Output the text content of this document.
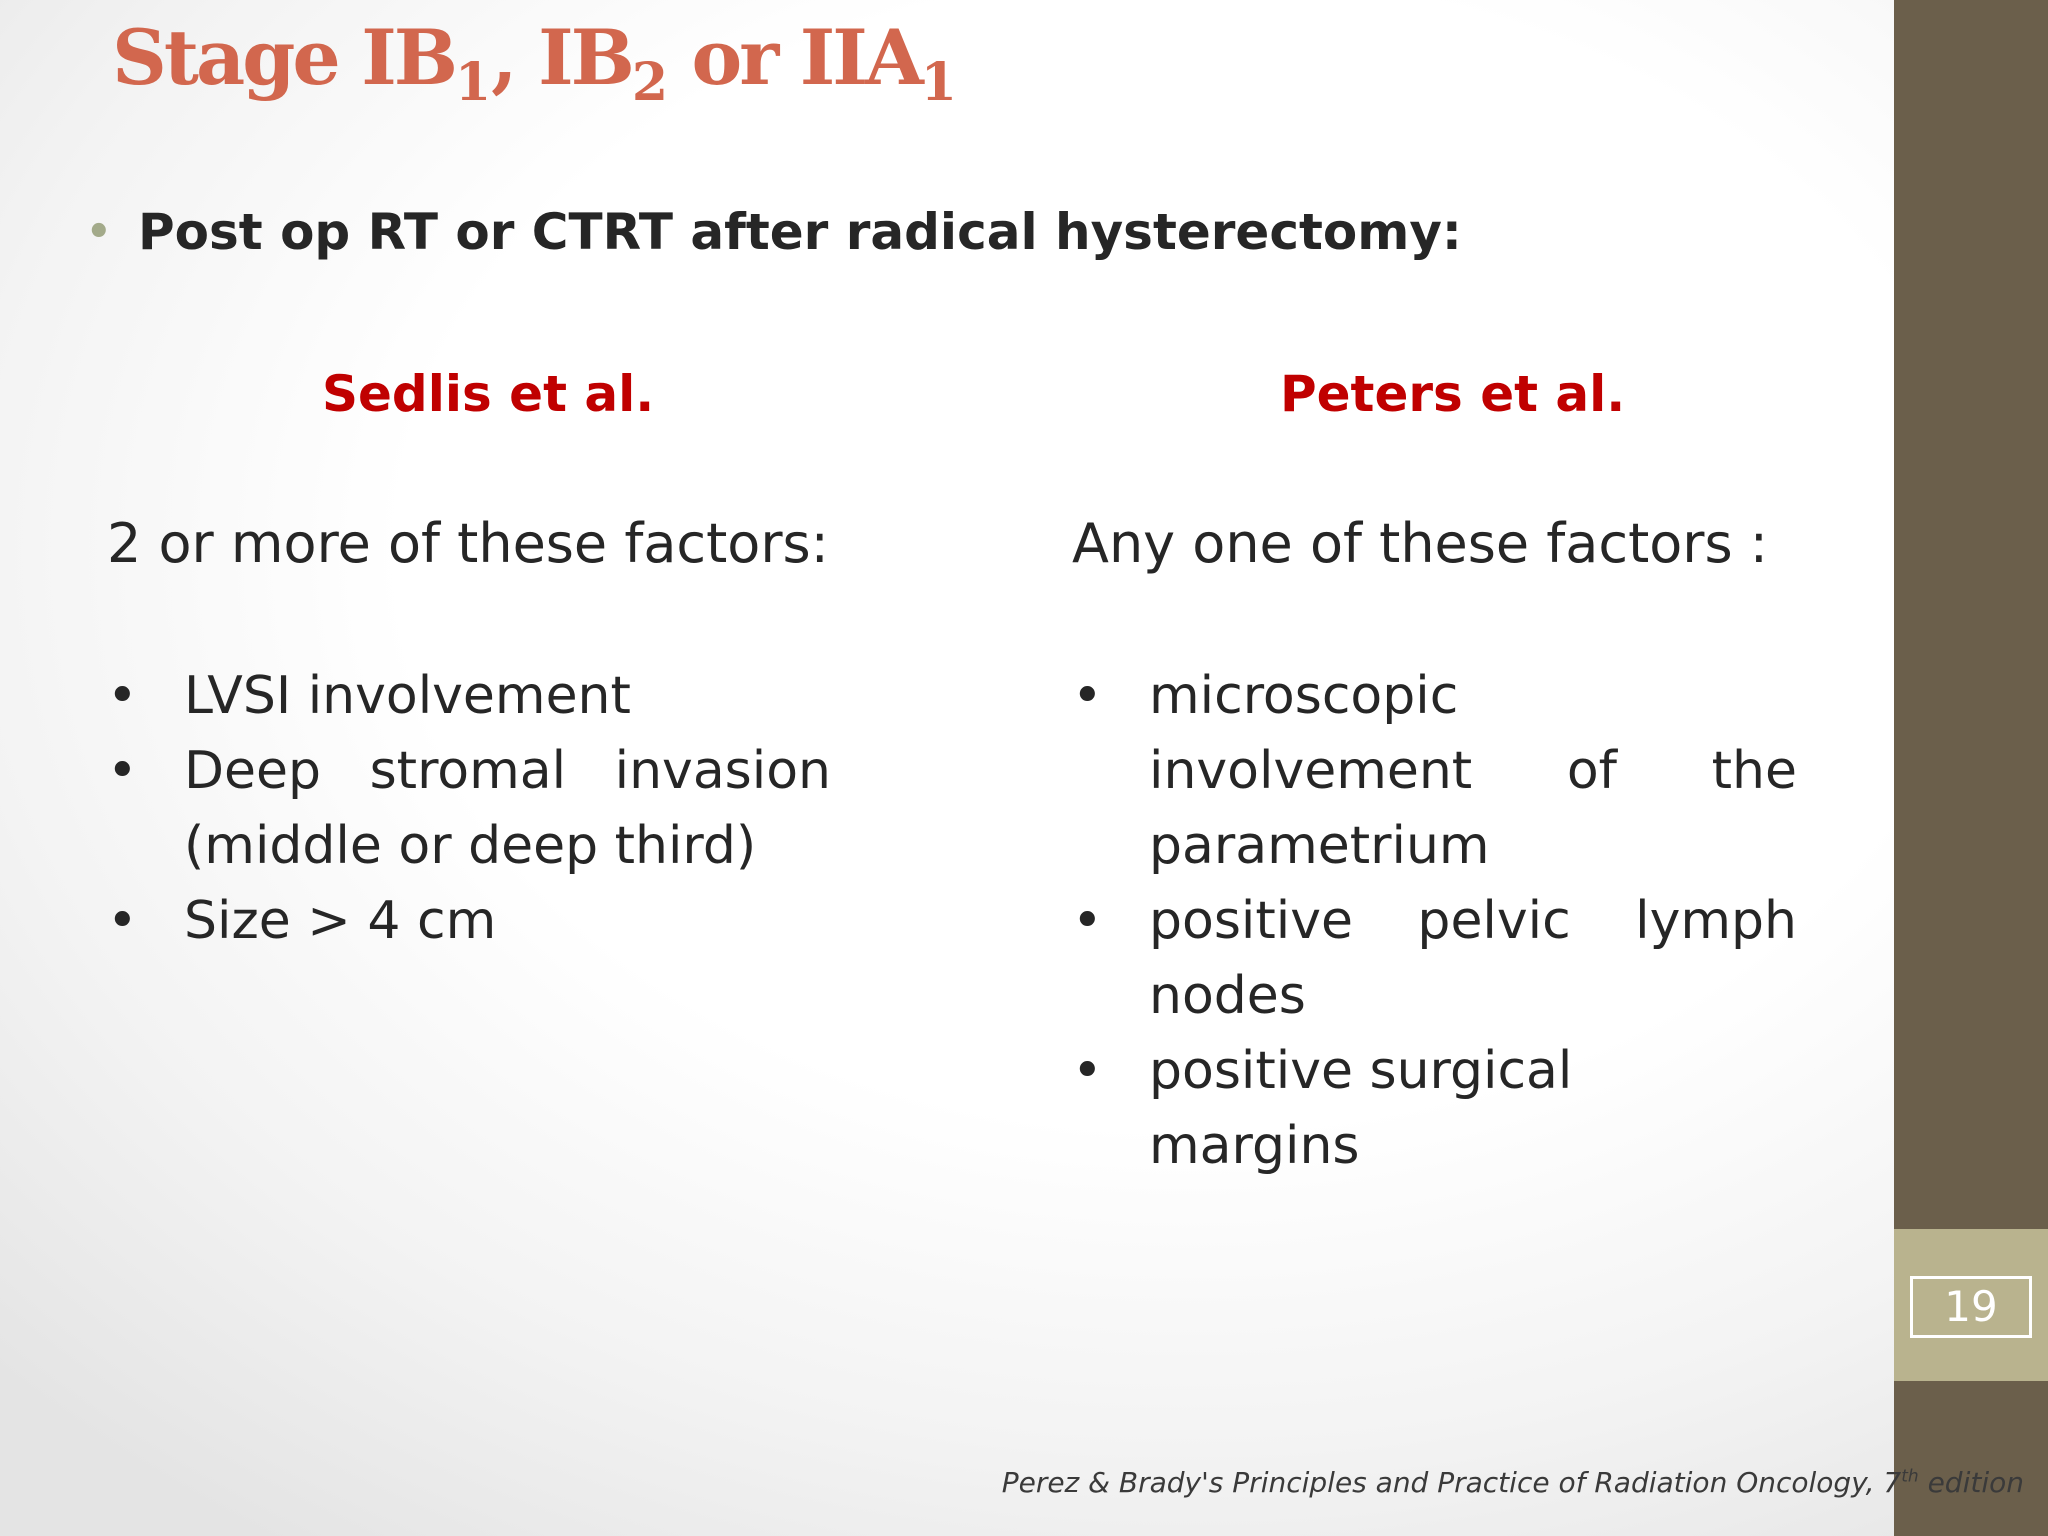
19
Stage $IB_1$, $IB_2$ or $IIA_1$
• Post op RT or CTRT after radical hysterectomy:
Sedlis et al.
2 or more of these factors:
• LVSI involvement
• Deep stromal invasion (middle or deep third)
• Size > 4 cm
Peters et al.
Any one of these factors :
• microscopic involvement of the parametrium
• positive pelvic lymph nodes
• positive surgical margins
Perez & Brady's Principles and Practice of Radiation Oncology, 7th edition
